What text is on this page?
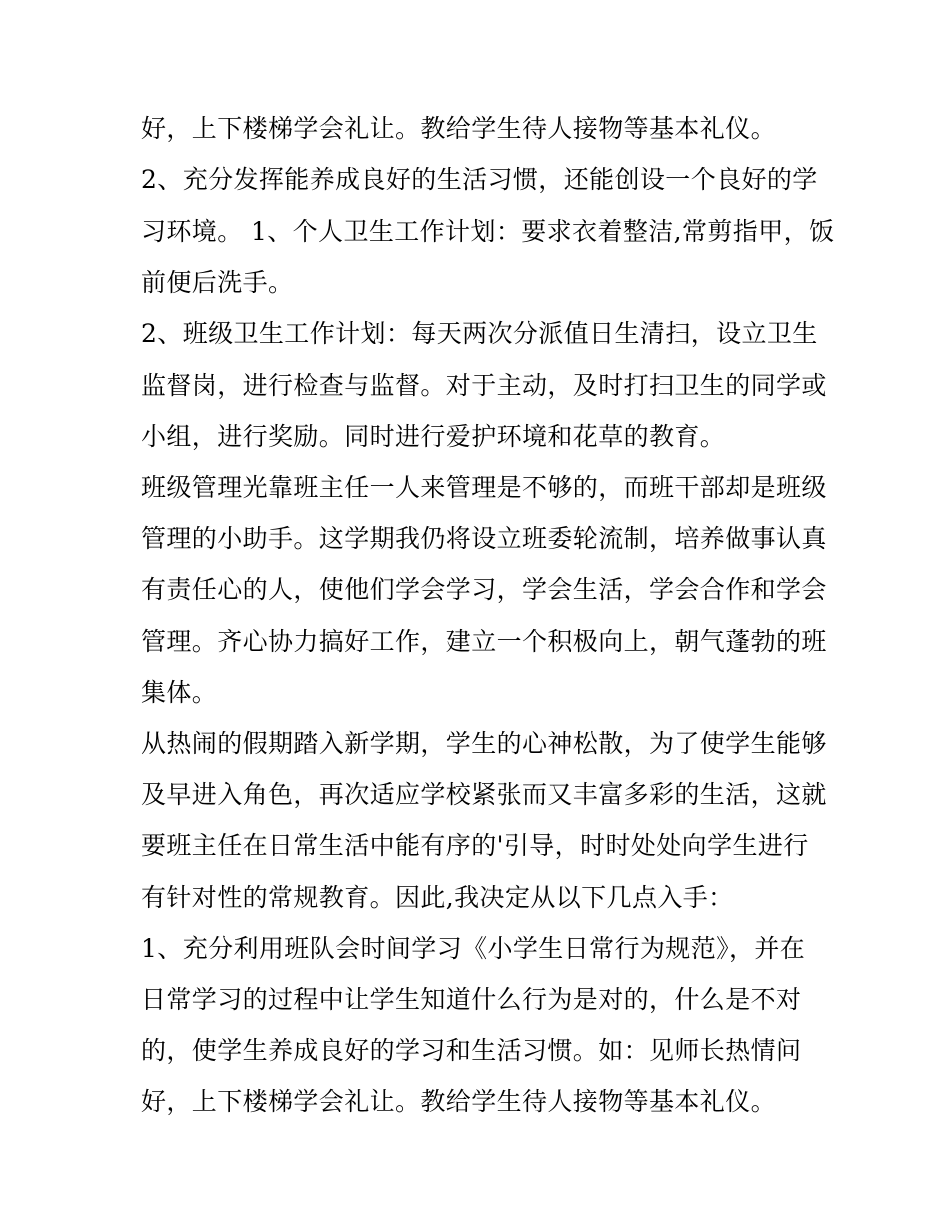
好，上下楼梯学会礼让。教给学生待人接物等基本礼仪。
2、充分发挥能养成良好的生活习惯，还能创设一个良好的学
习环境。 1、个人卫生工作计划：要求衣着整洁,常剪指甲，饭
前便后洗手。
2、班级卫生工作计划：每天两次分派值日生清扫，设立卫生
监督岗，进行检查与监督。对于主动，及时打扫卫生的同学或
小组，进行奖励。同时进行爱护环境和花草的教育。
班级管理光靠班主任一人来管理是不够的，而班干部却是班级
管理的小助手。这学期我仍将设立班委轮流制，培养做事认真
有责任心的人，使他们学会学习，学会生活，学会合作和学会
管理。齐心协力搞好工作，建立一个积极向上，朝气蓬勃的班
集体。
从热闹的假期踏入新学期，学生的心神松散，为了使学生能够
及早进入角色，再次适应学校紧张而又丰富多彩的生活，这就
要班主任在日常生活中能有序的'引导，时时处处向学生进行
有针对性的常规教育。因此,我决定从以下几点入手：
1、充分利用班队会时间学习《小学生日常行为规范》，并在
日常学习的过程中让学生知道什么行为是对的，什么是不对
的，使学生养成良好的学习和生活习惯。如：见师长热情问
好，上下楼梯学会礼让。教给学生待人接物等基本礼仪。
